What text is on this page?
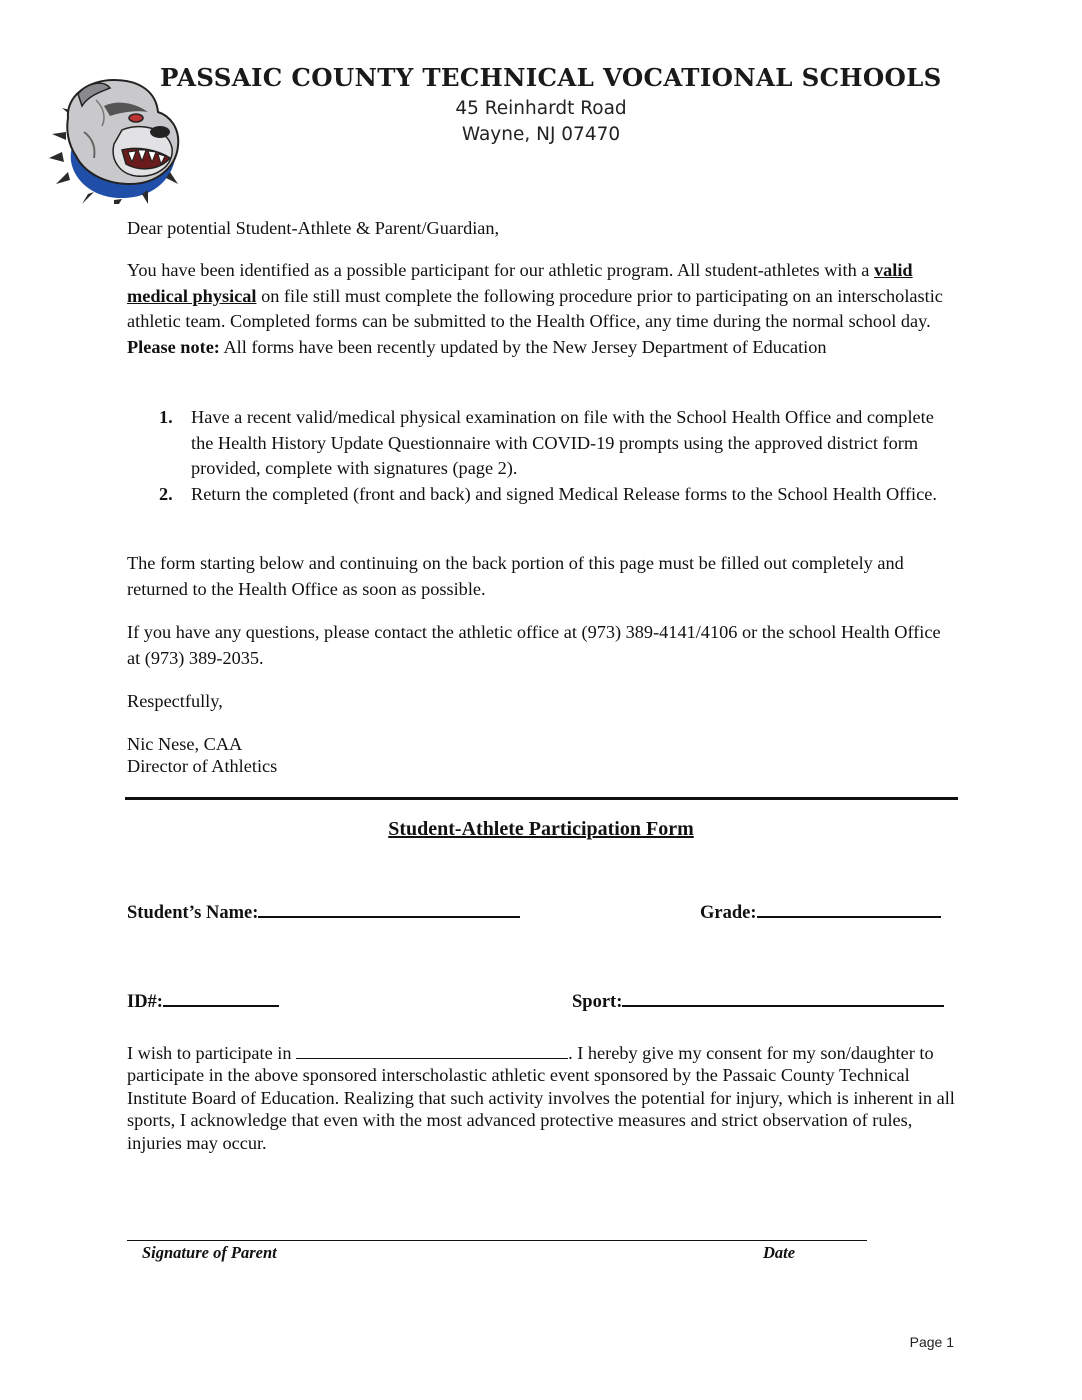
PASSAIC COUNTY TECHNICAL VOCATIONAL SCHOOLS
45 Reinhardt Road
Wayne, NJ 07470
Dear potential Student-Athlete & Parent/Guardian,
You have been identified as a possible participant for our athletic program. All student-athletes with a valid medical physical on file still must complete the following procedure prior to participating on an interscholastic athletic team. Completed forms can be submitted to the Health Office, any time during the normal school day. Please note: All forms have been recently updated by the New Jersey Department of Education
1. Have a recent valid/medical physical examination on file with the School Health Office and complete the Health History Update Questionnaire with COVID-19 prompts using the approved district form provided, complete with signatures (page 2).
2. Return the completed (front and back) and signed Medical Release forms to the School Health Office.
The form starting below and continuing on the back portion of this page must be filled out completely and returned to the Health Office as soon as possible.
If you have any questions, please contact the athletic office at (973) 389-4141/4106 or the school Health Office at (973) 389-2035.
Respectfully,
Nic Nese, CAA
Director of Athletics
Student-Athlete Participation Form
Student’s Name:	Grade:
ID#:	Sport:
I wish to participate in	. I hereby give my consent for my son/daughter to participate in the above sponsored interscholastic athletic event sponsored by the Passaic County Technical Institute Board of Education. Realizing that such activity involves the potential for injury, which is inherent in all sports, I acknowledge that even with the most advanced protective measures and strict observation of rules, injuries may occur.
Signature of Parent	Date
Page 1
